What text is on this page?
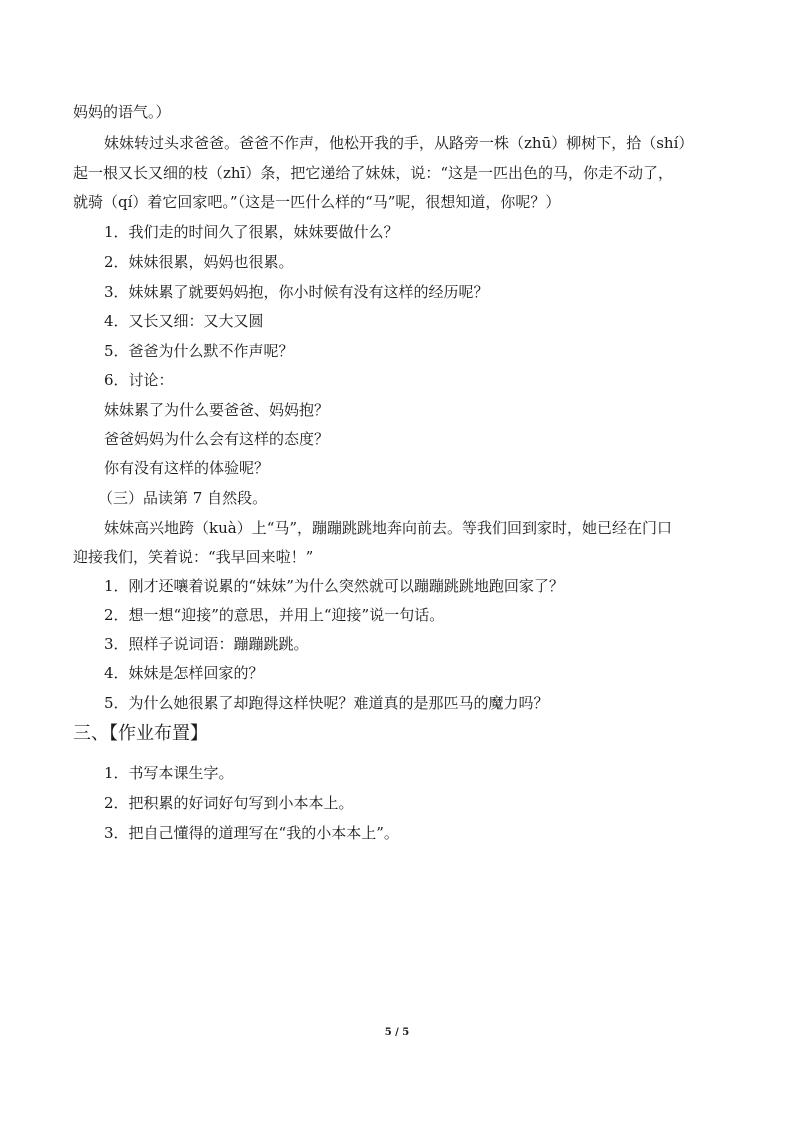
妈妈的语气。）
妹妹转过头求爸爸。爸爸不作声，他松开我的手，从路旁一株（zhū）柳树下，拾（shí）
起一根又长又细的枝（zhī）条，把它递给了妹妹，说：“这是一匹出色的马，你走不动了，
就骑（qí）着它回家吧。”（这是一匹什么样的“马”呢，很想知道，你呢？）
1．我们走的时间久了很累，妹妹要做什么？
2．妹妹很累，妈妈也很累。
3．妹妹累了就要妈妈抱，你小时候有没有这样的经历呢？
4．又长又细：又大又圆
5．爸爸为什么默不作声呢？
6．讨论：
妹妹累了为什么要爸爸、妈妈抱？
爸爸妈妈为什么会有这样的态度？
你有没有这样的体验呢？
（三）品读第 7 自然段。
妹妹高兴地跨（kuà）上“马”，蹦蹦跳跳地奔向前去。等我们回到家时，她已经在门口
迎接我们，笑着说：“我早回来啦！”
1．刚才还嚷着说累的“妹妹”为什么突然就可以蹦蹦跳跳地跑回家了？
2．想一想“迎接”的意思，并用上“迎接”说一句话。
3．照样子说词语：蹦蹦跳跳。
4．妹妹是怎样回家的？
5．为什么她很累了却跑得这样快呢？难道真的是那匹马的魔力吗？
三、【作业布置】
1．书写本课生字。
2．把积累的好词好句写到小本本上。
3．把自己懂得的道理写在“我的小本本上”。
5 / 5
